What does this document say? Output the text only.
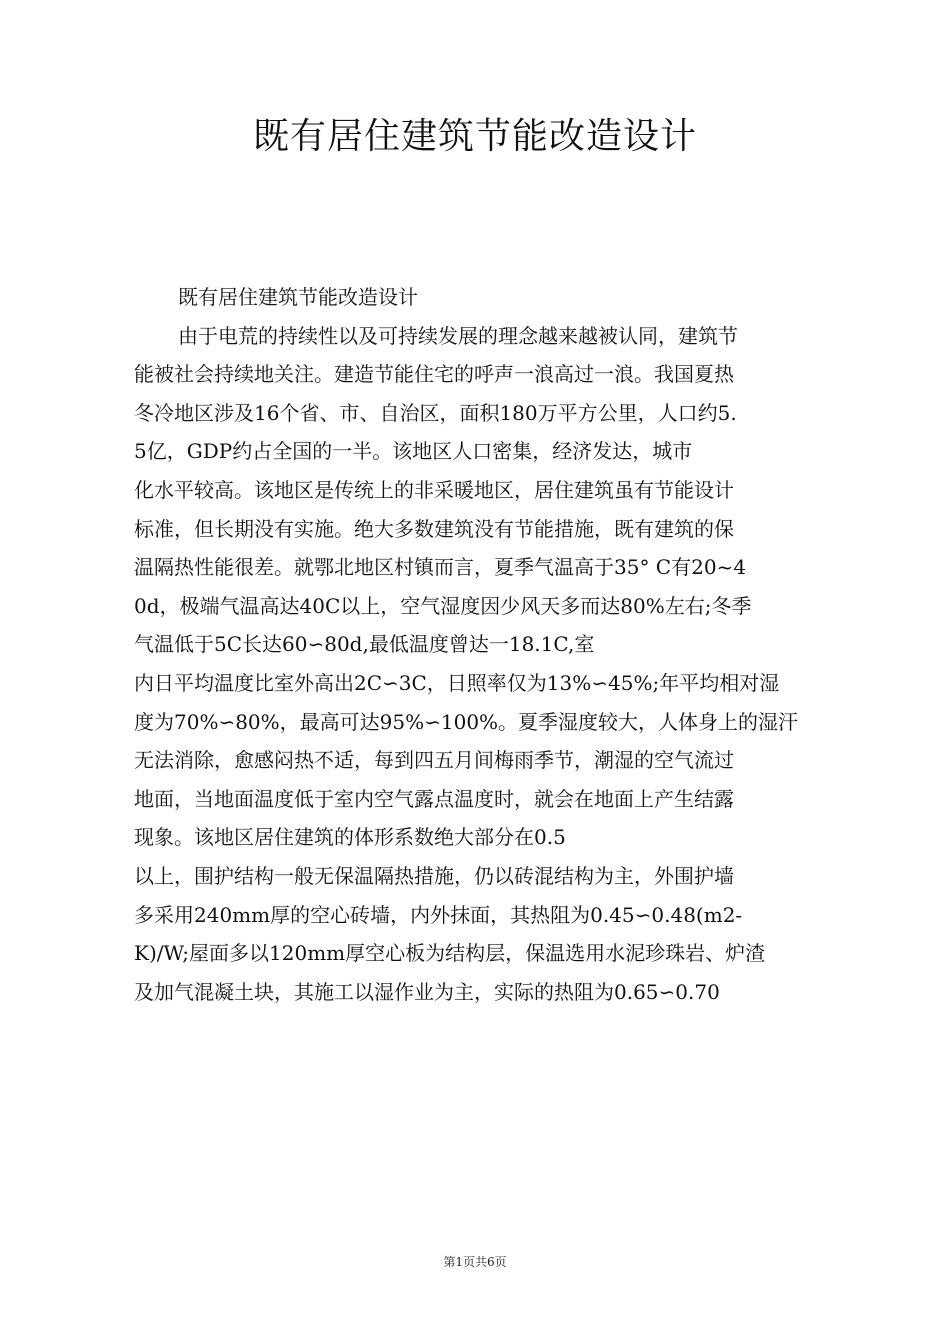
既有居住建筑节能改造设计
既有居住建筑节能改造设计
由于电荒的持续性以及可持续发展的理念越来越被认同，建筑节
能被社会持续地关注。建造节能住宅的呼声一浪高过一浪。我国夏热
冬冷地区涉及16个省、市、自治区，面积180万平方公里，人口约5.
5亿，GDP约占全国的一半。该地区人口密集，经济发达，城市
化水平较高。该地区是传统上的非采暖地区，居住建筑虽有节能设计
标准，但长期没有实施。绝大多数建筑没有节能措施，既有建筑的保
温隔热性能很差。就鄂北地区村镇而言，夏季气温高于35° C有20~4
0d，极端气温高达40C以上，空气湿度因少风天多而达80%左右;冬季
气温低于5C长达60∽80d,最低温度曾达一18.1C,室
内日平均温度比室外高出2C∽3C，日照率仅为13%∽45%;年平均相对湿
度为70%∽80%，最高可达95%∽100%。夏季湿度较大，人体身上的湿汗
无法消除，愈感闷热不适，每到四五月间梅雨季节，潮湿的空气流过
地面，当地面温度低于室内空气露点温度时，就会在地面上产生结露
现象。该地区居住建筑的体形系数绝大部分在0.5
以上，围护结构一般无保温隔热措施，仍以砖混结构为主，外围护墙
多采用240mm厚的空心砖墙，内外抹面，其热阻为0.45∽0.48(m2-
K)/W;屋面多以120mm厚空心板为结构层，保温选用水泥珍珠岩、炉渣
及加气混凝土块，其施工以湿作业为主，实际的热阻为0.65∽0.70
第1页共6页
